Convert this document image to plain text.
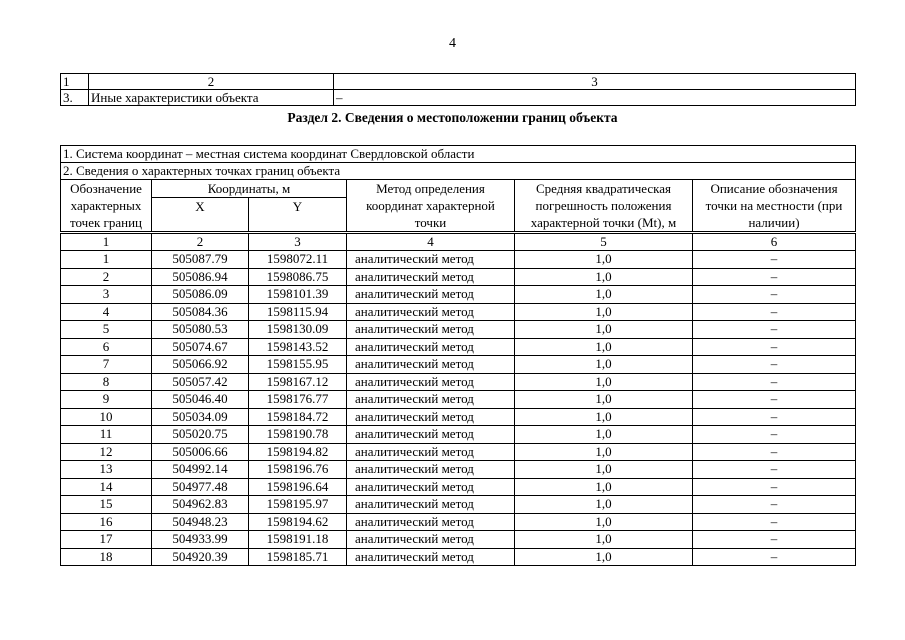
4
1	2	3
3.	Иные характеристики объекта	–
Раздел 2. Сведения о местоположении границ объекта
1. Система координат – местная система координат Свердловской области					
2. Сведения о характерных точках границ объекта					
Обозначение характерных точек границ	Координаты, м		Метод определения координат характерной точки	Средняя квадратическая погрешность положения характерной точки (Mt), м	Описание обозначения точки на местности (при наличии)
	X	Y			
1	2	3	4	5	6
1	505087.79	1598072.11	аналитический метод	1,0	–
2	505086.94	1598086.75	аналитический метод	1,0	–
3	505086.09	1598101.39	аналитический метод	1,0	–
4	505084.36	1598115.94	аналитический метод	1,0	–
5	505080.53	1598130.09	аналитический метод	1,0	–
6	505074.67	1598143.52	аналитический метод	1,0	–
7	505066.92	1598155.95	аналитический метод	1,0	–
8	505057.42	1598167.12	аналитический метод	1,0	–
9	505046.40	1598176.77	аналитический метод	1,0	–
10	505034.09	1598184.72	аналитический метод	1,0	–
11	505020.75	1598190.78	аналитический метод	1,0	–
12	505006.66	1598194.82	аналитический метод	1,0	–
13	504992.14	1598196.76	аналитический метод	1,0	–
14	504977.48	1598196.64	аналитический метод	1,0	–
15	504962.83	1598195.97	аналитический метод	1,0	–
16	504948.23	1598194.62	аналитический метод	1,0	–
17	504933.99	1598191.18	аналитический метод	1,0	–
18	504920.39	1598185.71	аналитический метод	1,0	–
